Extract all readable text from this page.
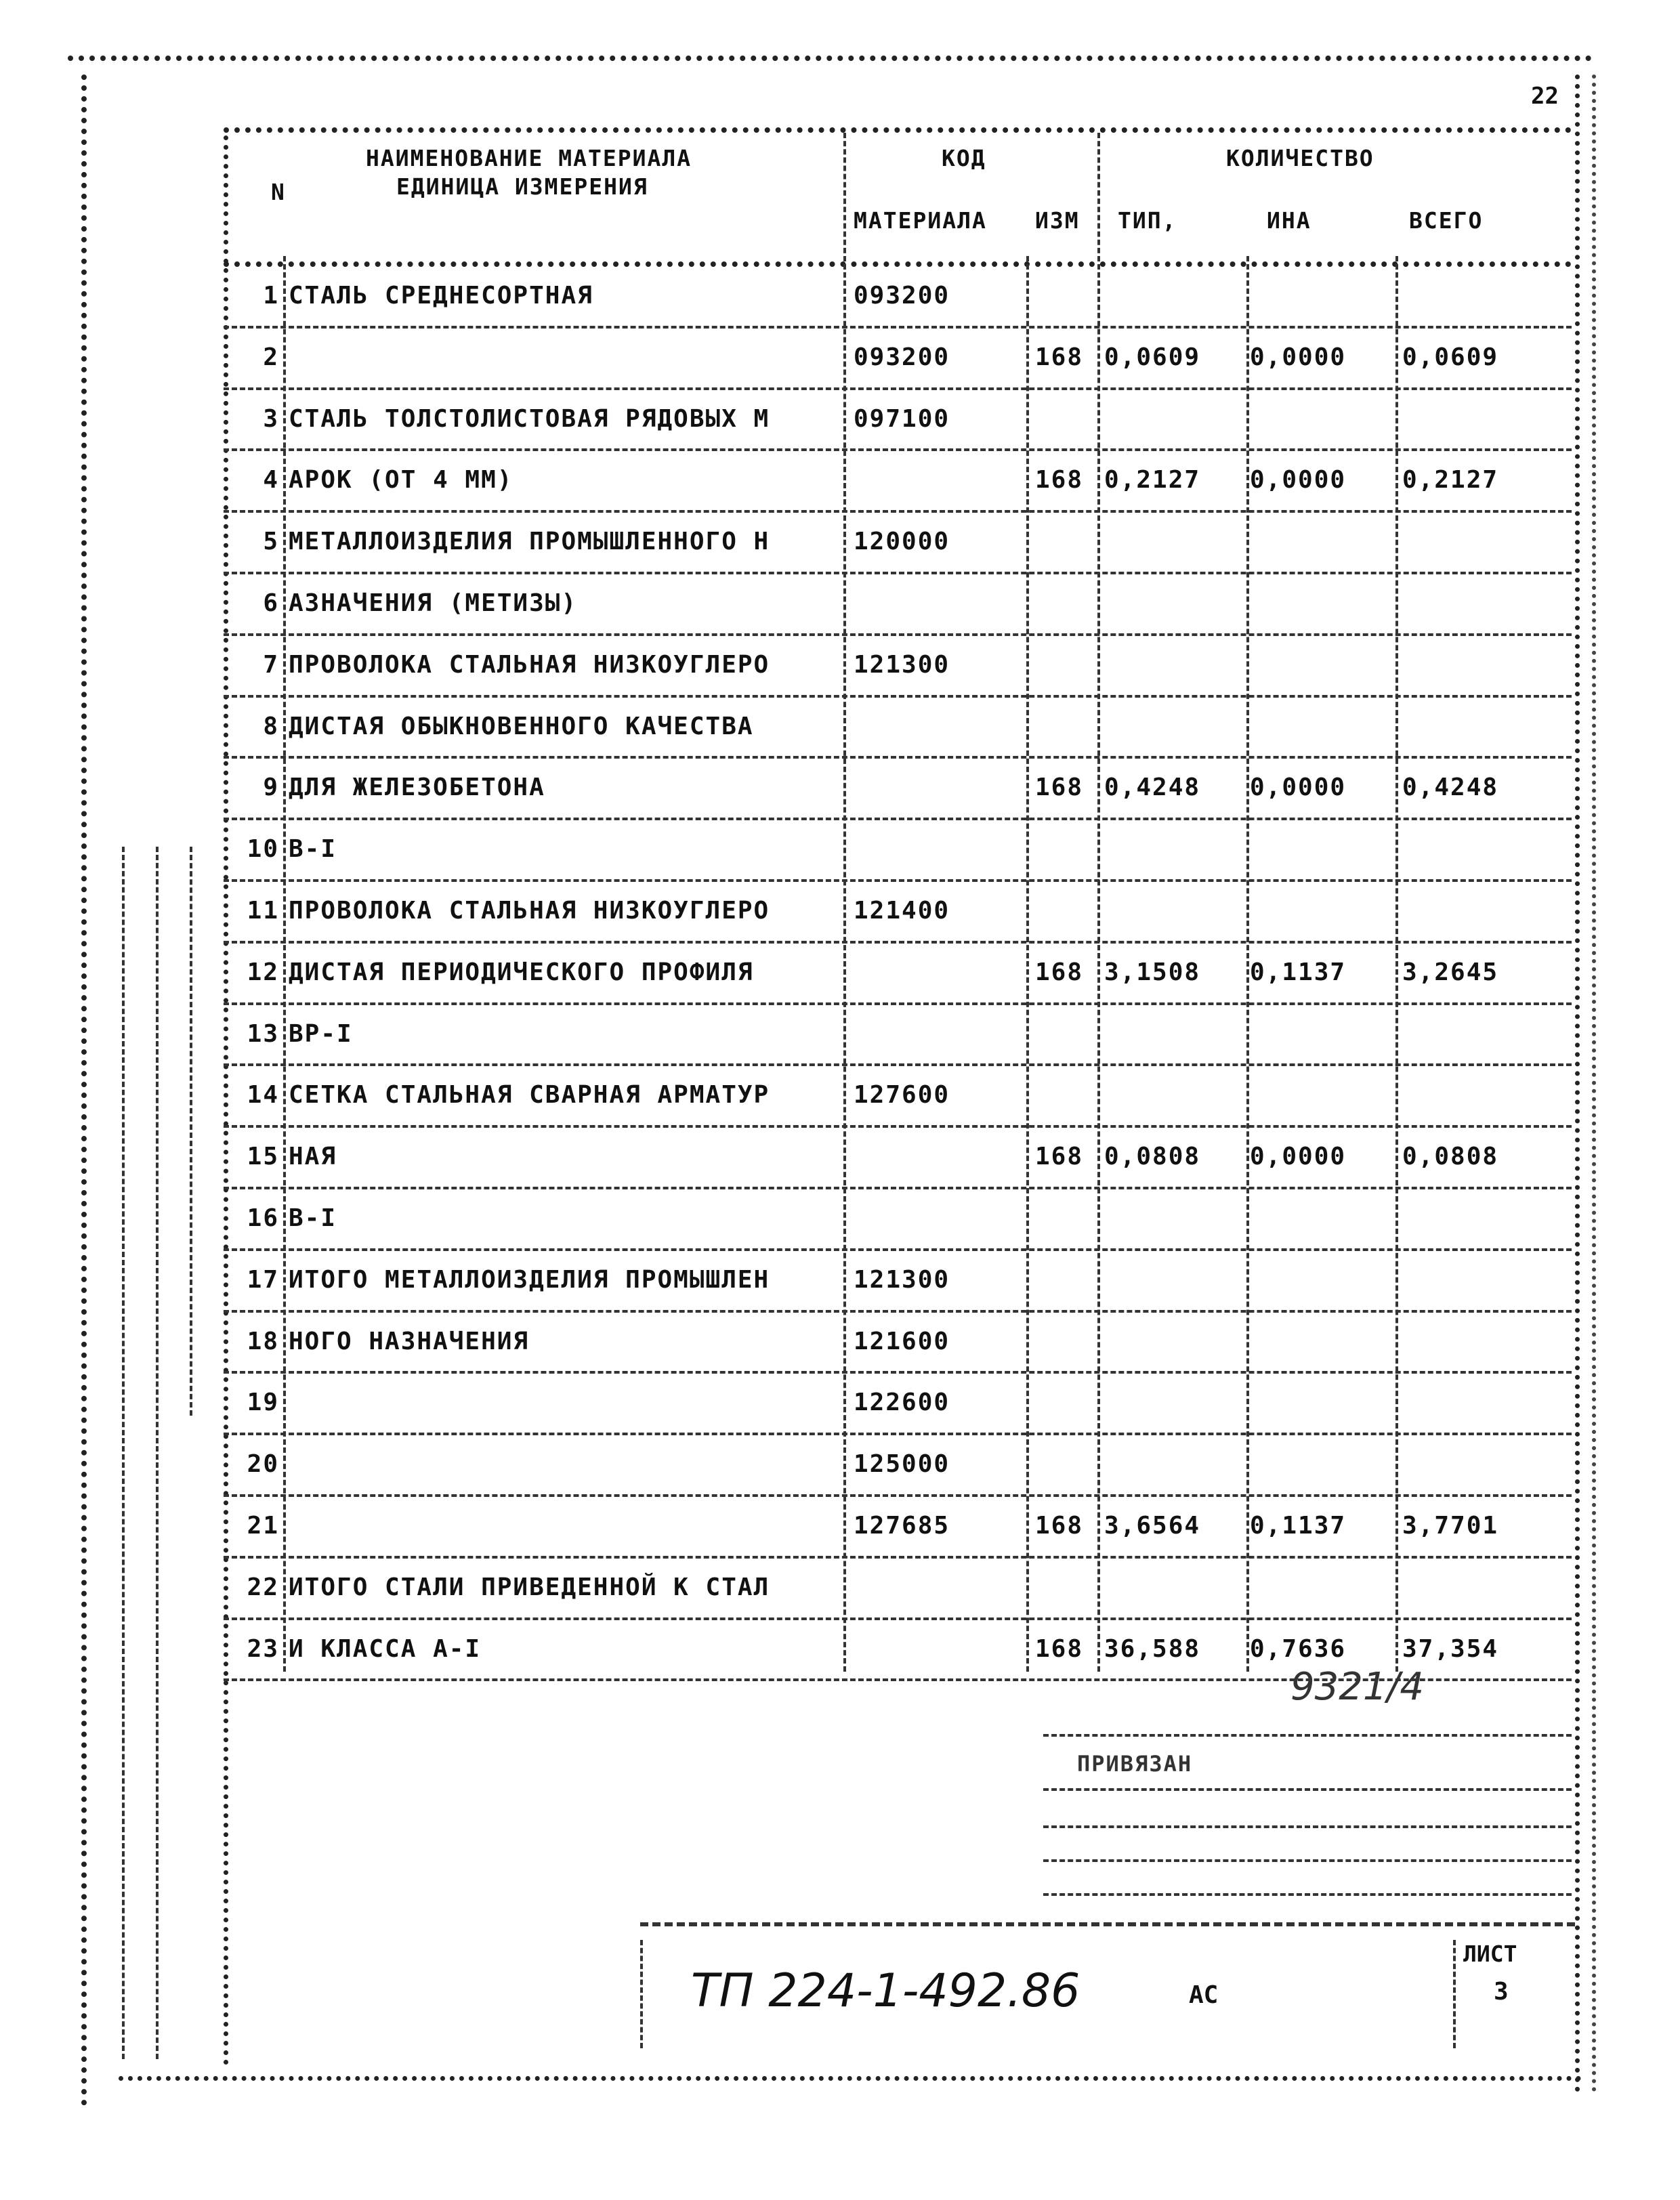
22
N
НАИМЕНОВАНИЕ МАТЕРИАЛА
ЕДИНИЦА ИЗМЕРЕНИЯ
КОД	КОЛИЧЕСТВО
МАТЕРИАЛА ИЗМ ТИП,	ИНА	ВСЕГО
1 СТАЛЬ СРЕДНЕСОРТНАЯ	093200
2	093200	168 0,0609 0,0000 0,0609
3 СТАЛЬ ТОЛСТОЛИСТОВАЯ РЯДОВЫХ М	097100
4 АРОК (ОТ 4 ММ)	168 0,2127 0,0000 0,2127
5 МЕТАЛЛОИЗДЕЛИЯ ПРОМЫШЛЕННОГО Н	120000
6 АЗНАЧЕНИЯ (МЕТИЗЫ)
7 ПРОВОЛОКА СТАЛЬНАЯ НИЗКОУГЛЕРО	121300
8 ДИСТАЯ ОБЫКНОВЕННОГО КАЧЕСТВА
9 ДЛЯ ЖЕЛЕЗОБЕТОНА	168 0,4248 0,0000 0,4248
10 В-I
11 ПРОВОЛОКА СТАЛЬНАЯ НИЗКОУГЛЕРО	121400
12 ДИСТАЯ ПЕРИОДИЧЕСКОГО ПРОФИЛЯ	168 3,1508 0,1137 3,2645
13 ВР-I
14 СЕТКА СТАЛЬНАЯ СВАРНАЯ АРМАТУР	127600
15 НАЯ	168 0,0808 0,0000 0,0808
16 В-I
17 ИТОГО МЕТАЛЛОИЗДЕЛИЯ ПРОМЫШЛЕН	121300
18 НОГО НАЗНАЧЕНИЯ	121600
19	122600
20	125000
21	127685	168 3,6564 0,1137 3,7701
22 ИТОГО СТАЛИ ПРИВЕДЕННОЙ К СТАЛ
23 И КЛАССА А-I	168 36,588 0,7636 37,354
9321/4
ПРИВЯЗАН
ТП 224-1-492.86	АС
ЛИСТ
3
